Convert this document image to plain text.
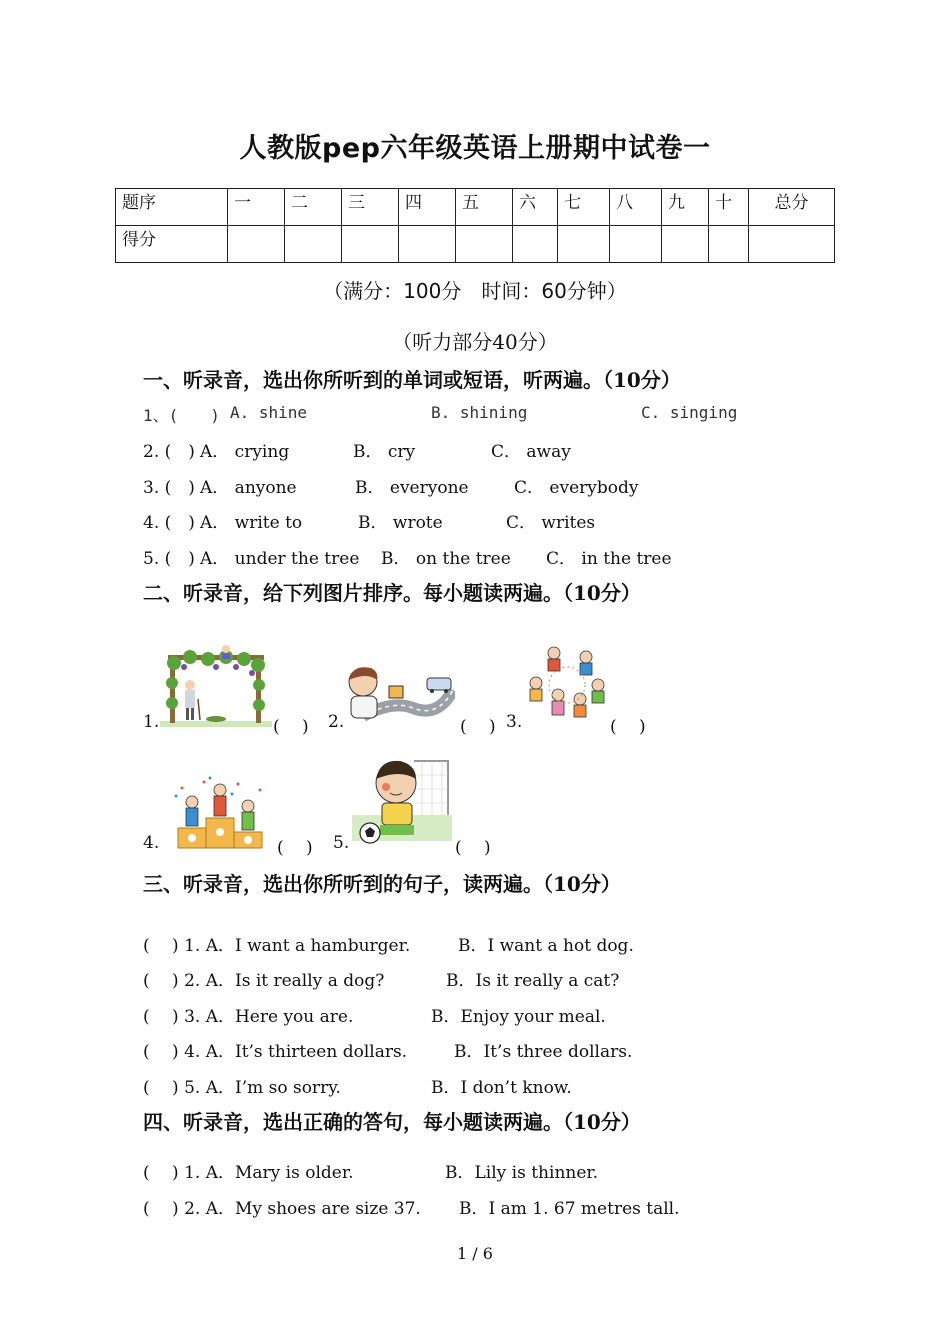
人教版pep六年级英语上册期中试卷一
题序	一	二	三	四	五	六	七	八	九	十	总分
得分											
（满分：100分　时间：60分钟）
（听力部分40分）
一、听录音，选出你所听到的单词或短语，听两遍。（10分）
1、(　　) A. shine	B. shining	C. singing
2. (　) A． crying	B． cry	C． away
3. (　) A． anyone	B． everyone	C． everybody
4. (　) A． write to	B． wrote	C． writes
5. (　) A． under the tree B． on the tree C． in the tree
二、听录音，给下列图片排序。每小题读两遍。（10分）
1.	(　 ) 2.	(　 ) 3.	(　 )
4.	(　 ) 5.	(　 )
三、听录音，选出你所听到的句子，读两遍。（10分）
(　 ) 1. A．I want a hamburger.	B．I want a hot dog.
(　 ) 2. A．Is it really a dog?	B．Is it really a cat?
(　 ) 3. A．Here you are.	B．Enjoy your meal.
(　 ) 4. A．It’s thirteen dollars.	B．It’s three dollars.
(　 ) 5. A．I’m so sorry.	B．I don’t know.
四、听录音，选出正确的答句，每小题读两遍。（10分）
(　 ) 1. A．Mary is older.	B．Lily is thinner.
(　 ) 2. A．My shoes are size 37. B．I am 1. 67 metres tall.
1 / 6
